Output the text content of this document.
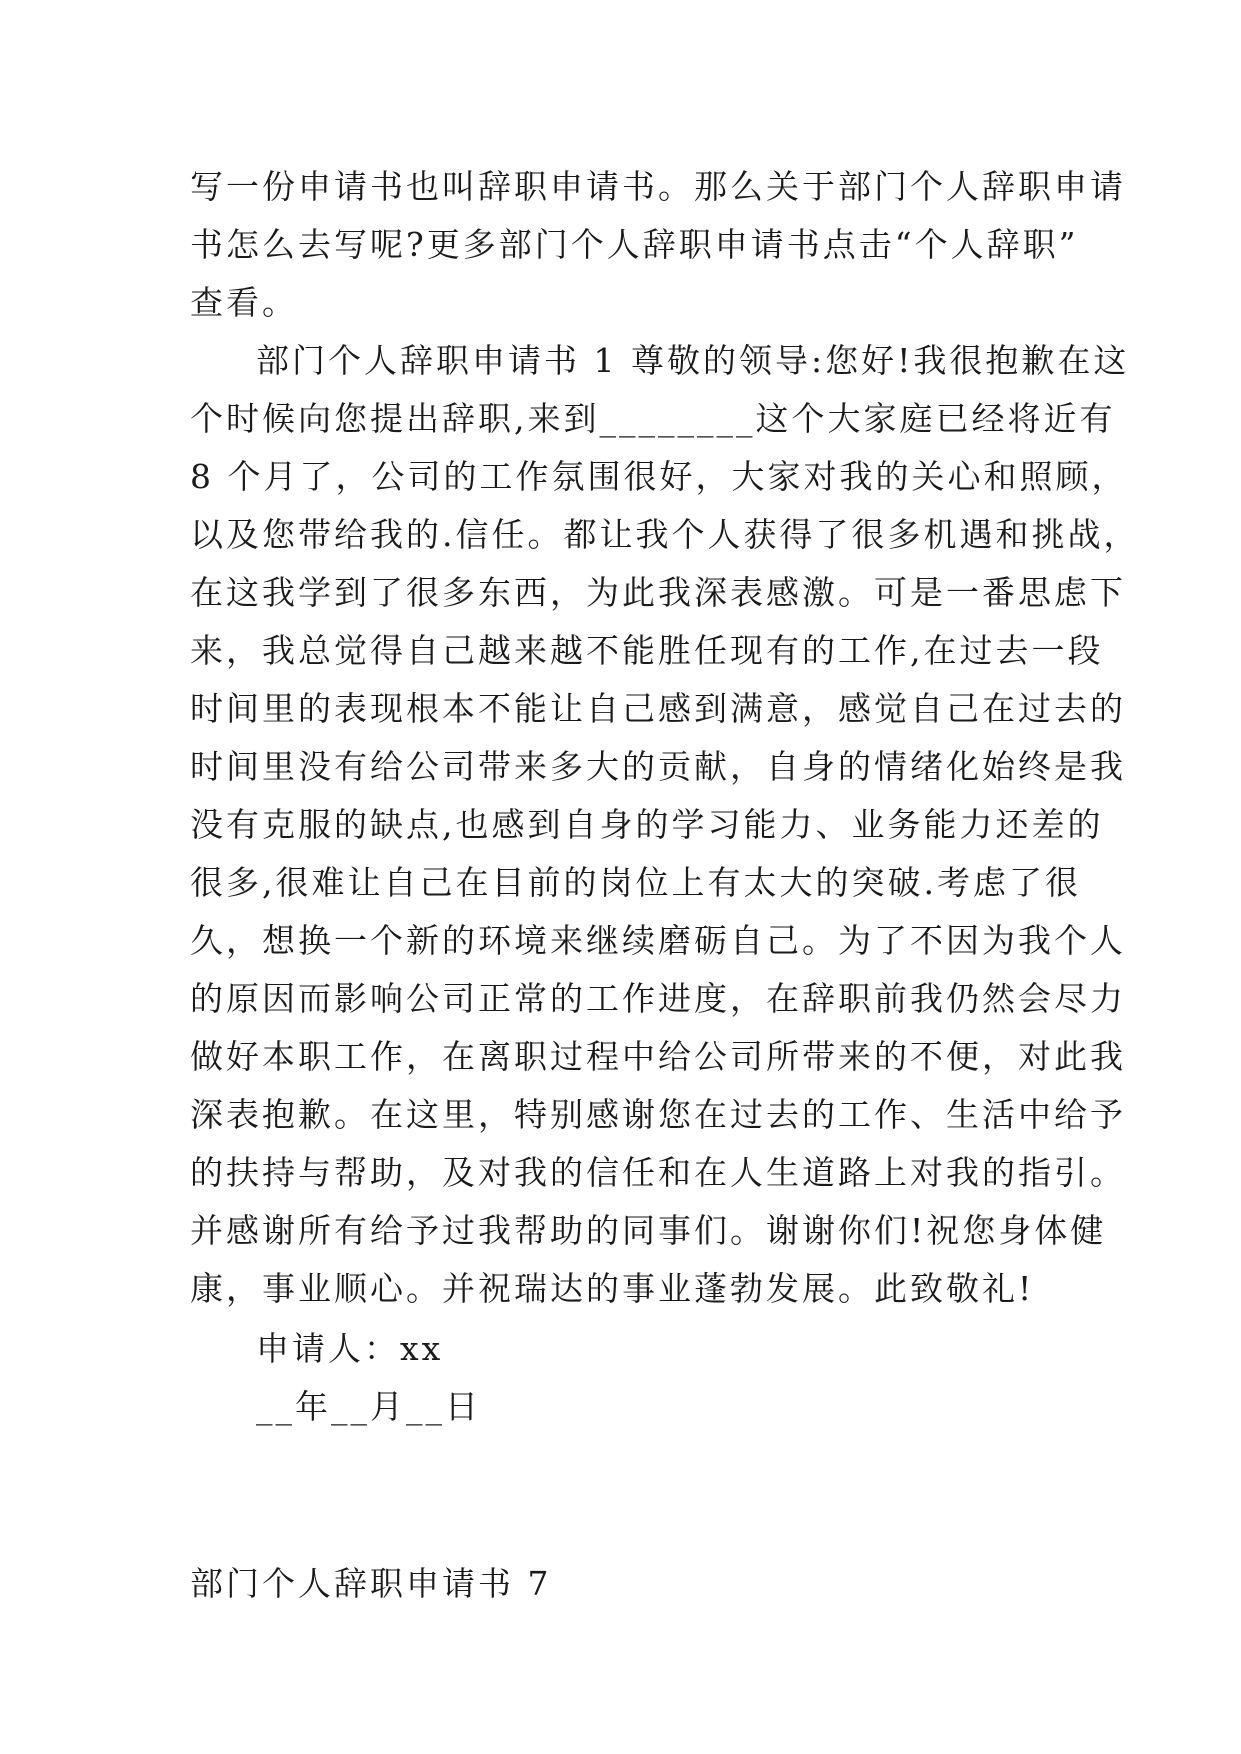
写一份申请书也叫辞职申请书。那么关于部门个人辞职申请
书怎么去写呢?更多部门个人辞职申请书点击“个人辞职”
查看。
部门个人辞职申请书 1 尊敬的领导:您好!我很抱歉在这
个时候向您提出辞职,来到________这个大家庭已经将近有
8 个月了，公司的工作氛围很好，大家对我的关心和照顾，
以及您带给我的.信任。都让我个人获得了很多机遇和挑战，
在这我学到了很多东西，为此我深表感激。可是一番思虑下
来，我总觉得自己越来越不能胜任现有的工作,在过去一段
时间里的表现根本不能让自己感到满意，感觉自己在过去的
时间里没有给公司带来多大的贡献，自身的情绪化始终是我
没有克服的缺点,也感到自身的学习能力、业务能力还差的
很多,很难让自己在目前的岗位上有太大的突破.考虑了很
久，想换一个新的环境来继续磨砺自己。为了不因为我个人
的原因而影响公司正常的工作进度，在辞职前我仍然会尽力
做好本职工作，在离职过程中给公司所带来的不便，对此我
深表抱歉。在这里，特别感谢您在过去的工作、生活中给予
的扶持与帮助，及对我的信任和在人生道路上对我的指引。
并感谢所有给予过我帮助的同事们。谢谢你们!祝您身体健
康，事业顺心。并祝瑞达的事业蓬勃发展。此致敬礼!
申请人：xx
__年__月__日
部门个人辞职申请书 7
